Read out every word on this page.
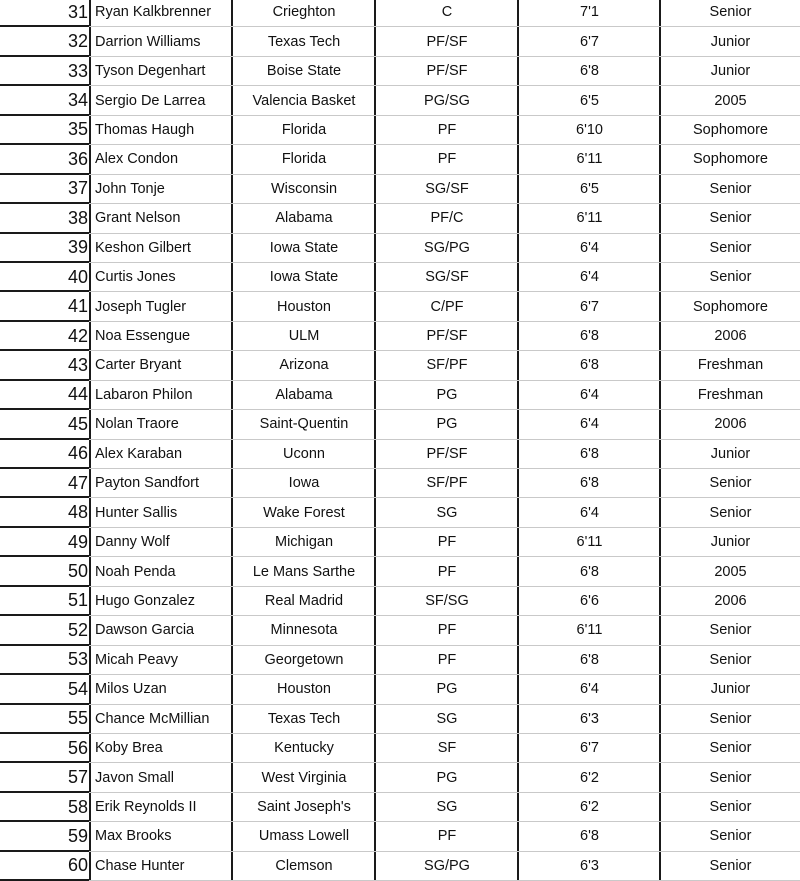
31 Ryan Kalkbrenner	Crieghton	C	7'1	Senior
32 Darrion Williams	Texas Tech	PF/SF	6'7	Junior
33 Tyson Degenhart	Boise State	PF/SF	6'8	Junior
34 Sergio De Larrea	Valencia Basket	PG/SG	6'5	2005
35 Thomas Haugh	Florida	PF	6'10	Sophomore
36 Alex Condon	Florida	PF	6'11	Sophomore
37 John Tonje	Wisconsin	SG/SF	6'5	Senior
38 Grant Nelson	Alabama	PF/C	6'11	Senior
39 Keshon Gilbert	Iowa State	SG/PG	6'4	Senior
40 Curtis Jones	Iowa State	SG/SF	6'4	Senior
41 Joseph Tugler	Houston	C/PF	6'7	Sophomore
42 Noa Essengue	ULM	PF/SF	6'8	2006
43 Carter Bryant	Arizona	SF/PF	6'8	Freshman
44 Labaron Philon	Alabama	PG	6'4	Freshman
45 Nolan Traore	Saint-Quentin	PG	6'4	2006
46 Alex Karaban	Uconn	PF/SF	6'8	Junior
47 Payton Sandfort	Iowa	SF/PF	6'8	Senior
48 Hunter Sallis	Wake Forest	SG	6'4	Senior
49 Danny Wolf	Michigan	PF	6'11	Junior
50 Noah Penda	Le Mans Sarthe	PF	6'8	2005
51 Hugo Gonzalez	Real Madrid	SF/SG	6'6	2006
52 Dawson Garcia	Minnesota	PF	6'11	Senior
53 Micah Peavy	Georgetown	PF	6'8	Senior
54 Milos Uzan	Houston	PG	6'4	Junior
55 Chance McMillian	Texas Tech	SG	6'3	Senior
56 Koby Brea	Kentucky	SF	6'7	Senior
57 Javon Small	West Virginia	PG	6'2	Senior
58 Erik Reynolds II	Saint Joseph's	SG	6'2	Senior
59 Max Brooks	Umass Lowell	PF	6'8	Senior
60 Chase Hunter	Clemson	SG/PG	6'3	Senior
